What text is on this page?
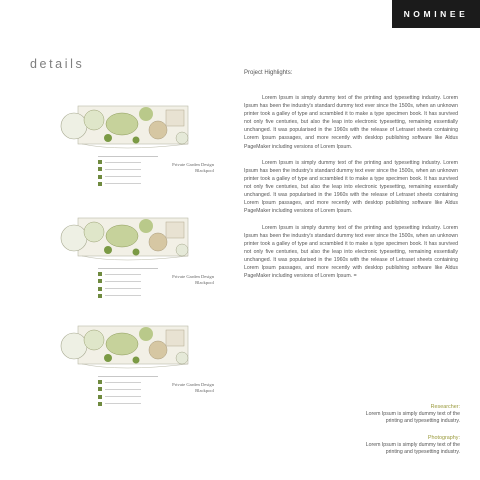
NOMINEE
details
Project Highlights:

Lorem Ipsum is simply dummy text of the printing and typesetting industry. Lorem Ipsum has been the industry's standard dummy text ever since the 1500s, when an unknown printer took a galley of type and scrambled it to make a type specimen book. It has survived not only five centuries, but also the leap into electronic typesetting, remaining essentially unchanged. It was popularised in the 1960s with the release of Letraset sheets containing Lorem Ipsum passages, and more recently with desktop publishing software like Aldus PageMaker including versions of Lorem Ipsum.

Lorem Ipsum is simply dummy text of the printing and typesetting industry. Lorem Ipsum has been the industry's standard dummy text ever since the 1500s, when an unknown printer took a galley of type and scrambled it to make a type specimen book. It has survived not only five centuries, but also the leap into electronic typesetting, remaining essentially unchanged. It was popularised in the 1960s with the release of Letraset sheets containing Lorem Ipsum passages, and more recently with desktop publishing software like Aldus PageMaker including versions of Lorem Ipsum.

Lorem Ipsum is simply dummy text of the printing and typesetting industry. Lorem Ipsum has been the industry's standard dummy text ever since the 1500s, when an unknown printer took a galley of type and scrambled it to make a type specimen book. It has survived not only five centuries, but also the leap into electronic typesetting, remaining essentially unchanged. It was popularised in the 1960s with the release of Letraset sheets containing Lorem Ipsum passages, and more recently with desktop publishing software like Aldus PageMaker including versions of Lorem Ipsum. =

Private Garden Design
Blackpool
Private Garden Design
Blackpool
Private Garden Design
Blackpool
Researcher:
Lorem Ipsum is simply dummy text of the
printing and typesetting industry.
Photography:
Lorem Ipsum is simply dummy text of the
printing and typesetting industry.
